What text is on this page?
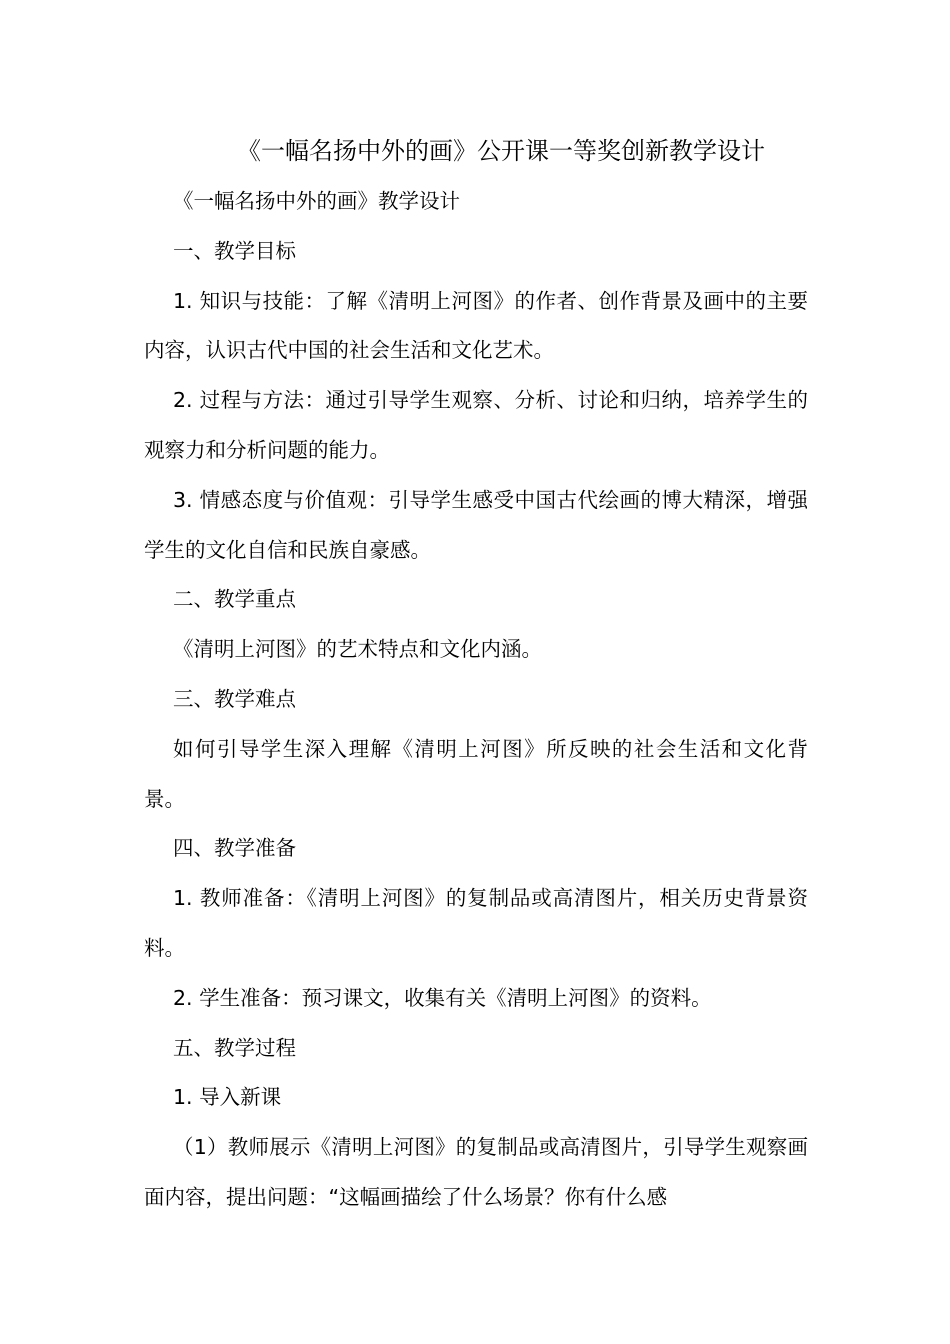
《一幅名扬中外的画》公开课一等奖创新教学设计

《一幅名扬中外的画》教学设计

一、教学目标

1. 知识与技能：了解《清明上河图》的作者、创作背景及画中的主要内容，认识古代中国的社会生活和文化艺术。

2. 过程与方法：通过引导学生观察、分析、讨论和归纳，培养学生的观察力和分析问题的能力。

3. 情感态度与价值观：引导学生感受中国古代绘画的博大精深，增强学生的文化自信和民族自豪感。

二、教学重点

《清明上河图》的艺术特点和文化内涵。

三、教学难点

如何引导学生深入理解《清明上河图》所反映的社会生活和文化背景。

四、教学准备

1. 教师准备：《清明上河图》的复制品或高清图片，相关历史背景资料。

2. 学生准备：预习课文，收集有关《清明上河图》的资料。

五、教学过程

1. 导入新课

（1）教师展示《清明上河图》的复制品或高清图片，引导学生观察画面内容，提出问题：“这幅画描绘了什么场景？你有什么感
